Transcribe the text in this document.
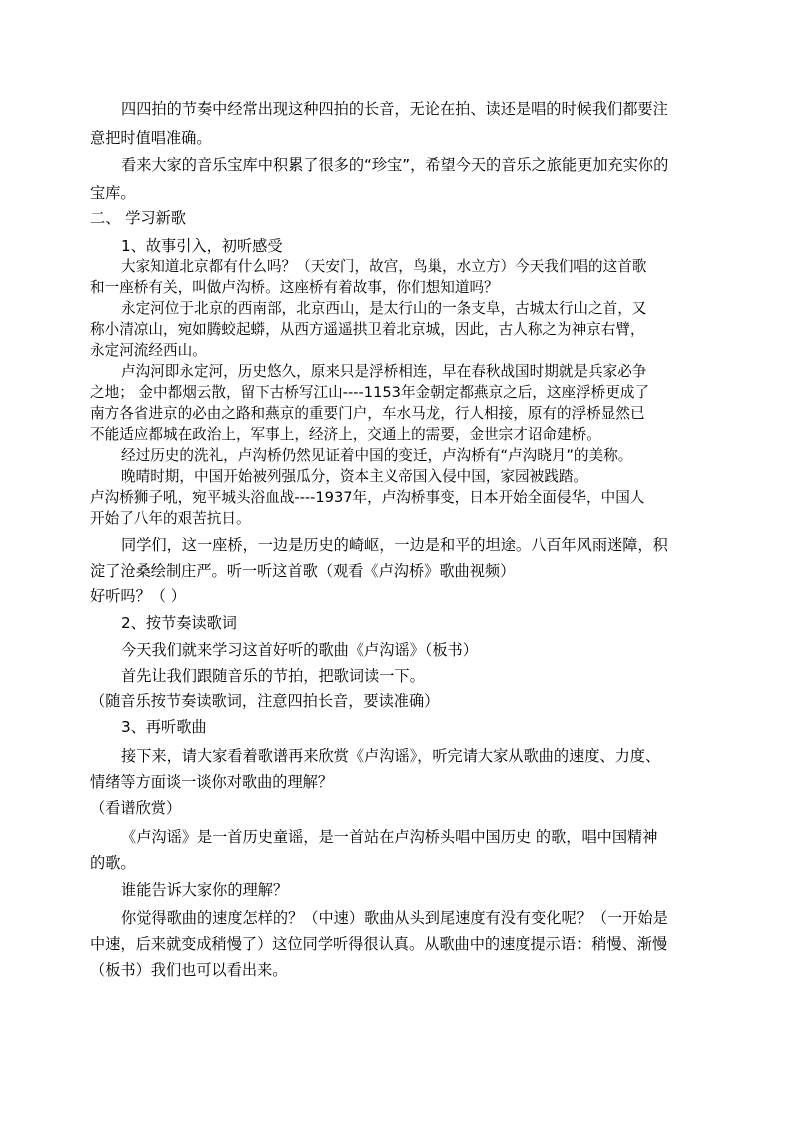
四四拍的节奏中经常出现这种四拍的长音，无论在拍、读还是唱的时候我们都要注
意把时值唱准确。
看来大家的音乐宝库中积累了很多的“珍宝”，希望今天的音乐之旅能更加充实你的
宝库。
二、 学习新歌
1、故事引入，初听感受
大家知道北京都有什么吗？（天安门，故宫，鸟巢，水立方）今天我们唱的这首歌
和一座桥有关，叫做卢沟桥。这座桥有着故事，你们想知道吗？
永定河位于北京的西南部，北京西山，是太行山的一条支阜，古城太行山之首，又
称小清凉山，宛如腾蛟起蟒，从西方遥遥拱卫着北京城，因此，古人称之为神京右臂，
永定河流经西山。
卢沟河即永定河，历史悠久，原来只是浮桥相连，早在春秋战国时期就是兵家必争
之地； 金中都烟云散，留下古桥写江山----1153年金朝定都燕京之后，这座浮桥更成了
南方各省进京的必由之路和燕京的重要门户，车水马龙，行人相接，原有的浮桥显然已
不能适应都城在政治上，军事上，经济上，交通上的需要，金世宗才诏命建桥。
经过历史的洗礼，卢沟桥仍然见证着中国的变迁，卢沟桥有“卢沟晓月”的美称。
晚晴时期，中国开始被列强瓜分，资本主义帝国入侵中国，家园被践踏。
卢沟桥狮子吼，宛平城头浴血战----1937年，卢沟桥事变，日本开始全面侵华，中国人
开始了八年的艰苦抗日。
同学们，这一座桥，一边是历史的崎岖，一边是和平的坦途。八百年风雨迷障，积
淀了沧桑绘制庄严。听一听这首歌（观看《卢沟桥》歌曲视频）
好听吗？（ ）
2、按节奏读歌词
今天我们就来学习这首好听的歌曲《卢沟谣》（板书）
首先让我们跟随音乐的节拍，把歌词读一下。
（随音乐按节奏读歌词，注意四拍长音，要读准确）
3、再听歌曲
接下来，请大家看着歌谱再来欣赏《卢沟谣》，听完请大家从歌曲的速度、力度、
情绪等方面谈一谈你对歌曲的理解？
（看谱欣赏）
《卢沟谣》是一首历史童谣，是一首站在卢沟桥头唱中国历史 的歌，唱中国精神
的歌。
谁能告诉大家你的理解？
你觉得歌曲的速度怎样的？（中速）歌曲从头到尾速度有没有变化呢？（一开始是
中速，后来就变成稍慢了）这位同学听得很认真。从歌曲中的速度提示语：稍慢、渐慢
（板书）我们也可以看出来。
